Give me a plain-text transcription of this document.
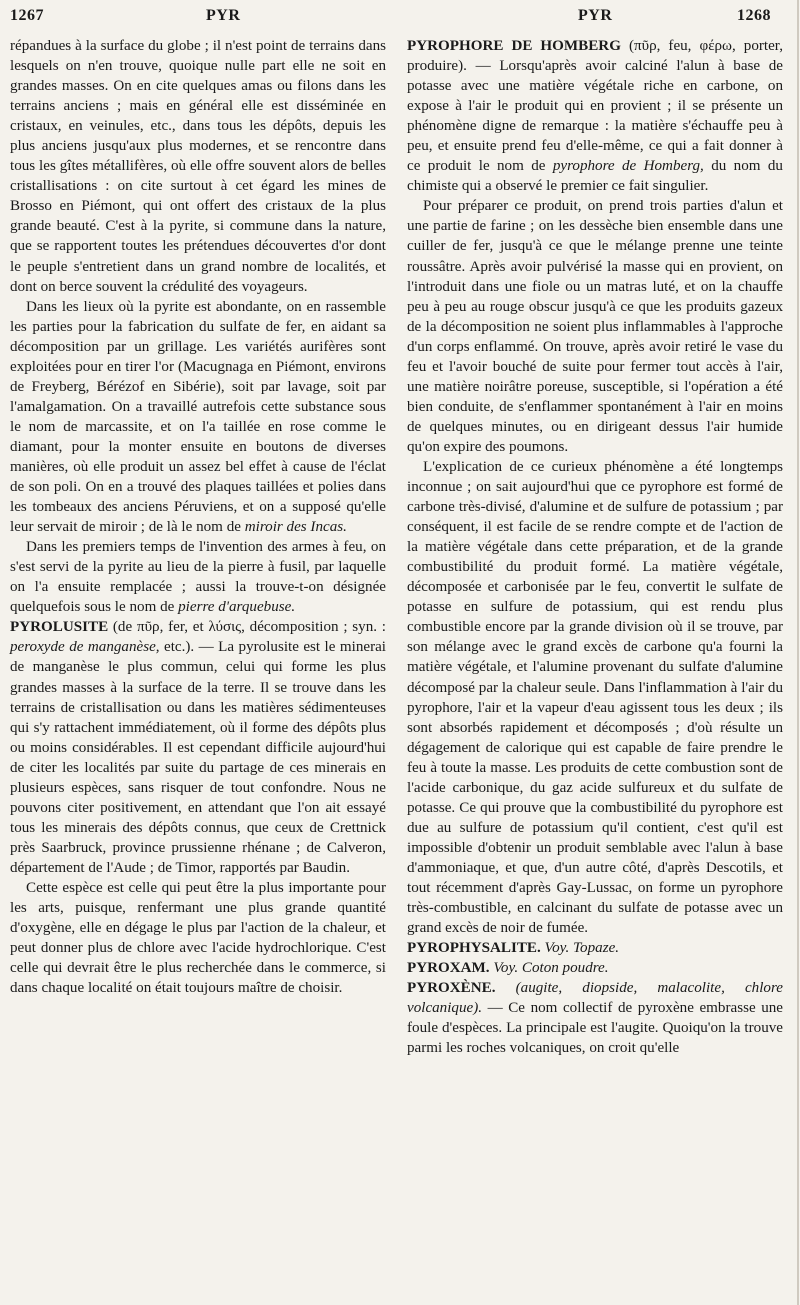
1267	PYR	PYR	1268

répandues à la surface du globe ; il n'est point de terrains dans lesquels on n'en trouve, quoique nulle part elle ne soit en grandes masses. On en cite quelques amas ou filons dans les terrains anciens ; mais en général elle est disséminée en cristaux, en veinules, etc., dans tous les dépôts, depuis les plus anciens jusqu'aux plus modernes, et se rencontre dans tous les gîtes métallifères, où elle offre souvent alors de belles cristallisations : on cite surtout à cet égard les mines de Brosso en Piémont, qui ont offert des cristaux de la plus grande beauté. C'est à la pyrite, si commune dans la nature, que se rapportent toutes les prétendues découvertes d'or dont le peuple s'entretient dans un grand nombre de localités, et dont on berce souvent la crédulité des voyageurs.

Dans les lieux où la pyrite est abondante, on en rassemble les parties pour la fabrication du sulfate de fer, en aidant sa décomposition par un grillage. Les variétés aurifères sont exploitées pour en tirer l'or (Macugnaga en Piémont, environs de Freyberg, Bérézof en Sibérie), soit par lavage, soit par l'amalgamation. On a travaillé autrefois cette substance sous le nom de marcassite, et on l'a taillée en rose comme le diamant, pour la monter ensuite en boutons de diverses manières, où elle produit un assez bel effet à cause de l'éclat de son poli. On en a trouvé des plaques taillées et polies dans les tombeaux des anciens Péruviens, et on a supposé qu'elle leur servait de miroir ; de là le nom de miroir des Incas.

Dans les premiers temps de l'invention des armes à feu, on s'est servi de la pyrite au lieu de la pierre à fusil, par laquelle on l'a ensuite remplacée ; aussi la trouve-t-on désignée quelquefois sous le nom de pierre d'arquebuse.

PYROLUSITE (de πῦρ, fer, et λύσις, décomposition ; syn. : peroxyde de manganèse, etc.). — La pyrolusite est le minerai de manganèse le plus commun, celui qui forme les plus grandes masses à la surface de la terre. Il se trouve dans les terrains de cristallisation ou dans les matières sédimenteuses qui s'y rattachent immédiatement, où il forme des dépôts plus ou moins considérables. Il est cependant difficile aujourd'hui de citer les localités par suite du partage de ces minerais en plusieurs espèces, sans risquer de tout confondre. Nous ne pouvons citer positivement, en attendant que l'on ait essayé tous les minerais des dépôts connus, que ceux de Crettnick près Saarbruck, province prussienne rhénane ; de Calveron, département de l'Aude ; de Timor, rapportés par Baudin.

Cette espèce est celle qui peut être la plus importante pour les arts, puisque, renfermant une plus grande quantité d'oxygène, elle en dégage le plus par l'action de la chaleur, et peut donner plus de chlore avec l'acide hydrochlorique. C'est celle qui devrait être le plus recherchée dans le commerce, si dans chaque localité on était toujours maître de choisir.

PYROPHORE DE HOMBERG (πῦρ, feu, φέρω, porter, produire). — Lorsqu'après avoir calciné l'alun à base de potasse avec une matière végétale riche en carbone, on expose à l'air le produit qui en provient ; il se présente un phénomène digne de remarque : la matière s'échauffe peu à peu, et ensuite prend feu d'elle-même, ce qui a fait donner à ce produit le nom de pyrophore de Homberg, du nom du chimiste qui a observé le premier ce fait singulier.

Pour préparer ce produit, on prend trois parties d'alun et une partie de farine ; on les dessèche bien ensemble dans une cuiller de fer, jusqu'à ce que le mélange prenne une teinte roussâtre. Après avoir pulvérisé la masse qui en provient, on l'introduit dans une fiole ou un matras luté, et on la chauffe peu à peu au rouge obscur jusqu'à ce que les produits gazeux de la décomposition ne soient plus inflammables à l'approche d'un corps enflammé. On trouve, après avoir retiré le vase du feu et l'avoir bouché de suite pour fermer tout accès à l'air, une matière noirâtre poreuse, susceptible, si l'opération a été bien conduite, de s'enflammer spontanément à l'air en moins de quelques minutes, ou en dirigeant dessus l'air humide qu'on expire des poumons.

L'explication de ce curieux phénomène a été longtemps inconnue ; on sait aujourd'hui que ce pyrophore est formé de carbone très-divisé, d'alumine et de sulfure de potassium ; par conséquent, il est facile de se rendre compte et de l'action de la matière végétale dans cette préparation, et de la grande combustibilité du produit formé. La matière végétale, décomposée et carbonisée par le feu, convertit le sulfate de potasse en sulfure de potassium, qui est rendu plus combustible encore par la grande division où il se trouve, par son mélange avec le grand excès de carbone qu'a fourni la matière végétale, et l'alumine provenant du sulfate d'alumine décomposé par la chaleur seule. Dans l'inflammation à l'air du pyrophore, l'air et la vapeur d'eau agissent tous les deux ; ils sont absorbés rapidement et décomposés ; d'où résulte un dégagement de calorique qui est capable de faire prendre le feu à toute la masse. Les produits de cette combustion sont de l'acide carbonique, du gaz acide sulfureux et du sulfate de potasse. Ce qui prouve que la combustibilité du pyrophore est due au sulfure de potassium qu'il contient, c'est qu'il est impossible d'obtenir un produit semblable avec l'alun à base d'ammoniaque, et que, d'un autre côté, d'après Descotils, et tout récemment d'après Gay-Lussac, on forme un pyrophore très-combustible, en calcinant du sulfate de potasse avec un grand excès de noir de fumée.

PYROPHYSALITE. Voy. Topaze.

PYROXAM. Voy. Coton poudre.

PYROXÈNE. (augite, diopside, malacolite, chlore volcanique). — Ce nom collectif de pyroxène embrasse une foule d'espèces. La principale est l'augite. Quoiqu'on la trouve parmi les roches volcaniques, on croit qu'elle
